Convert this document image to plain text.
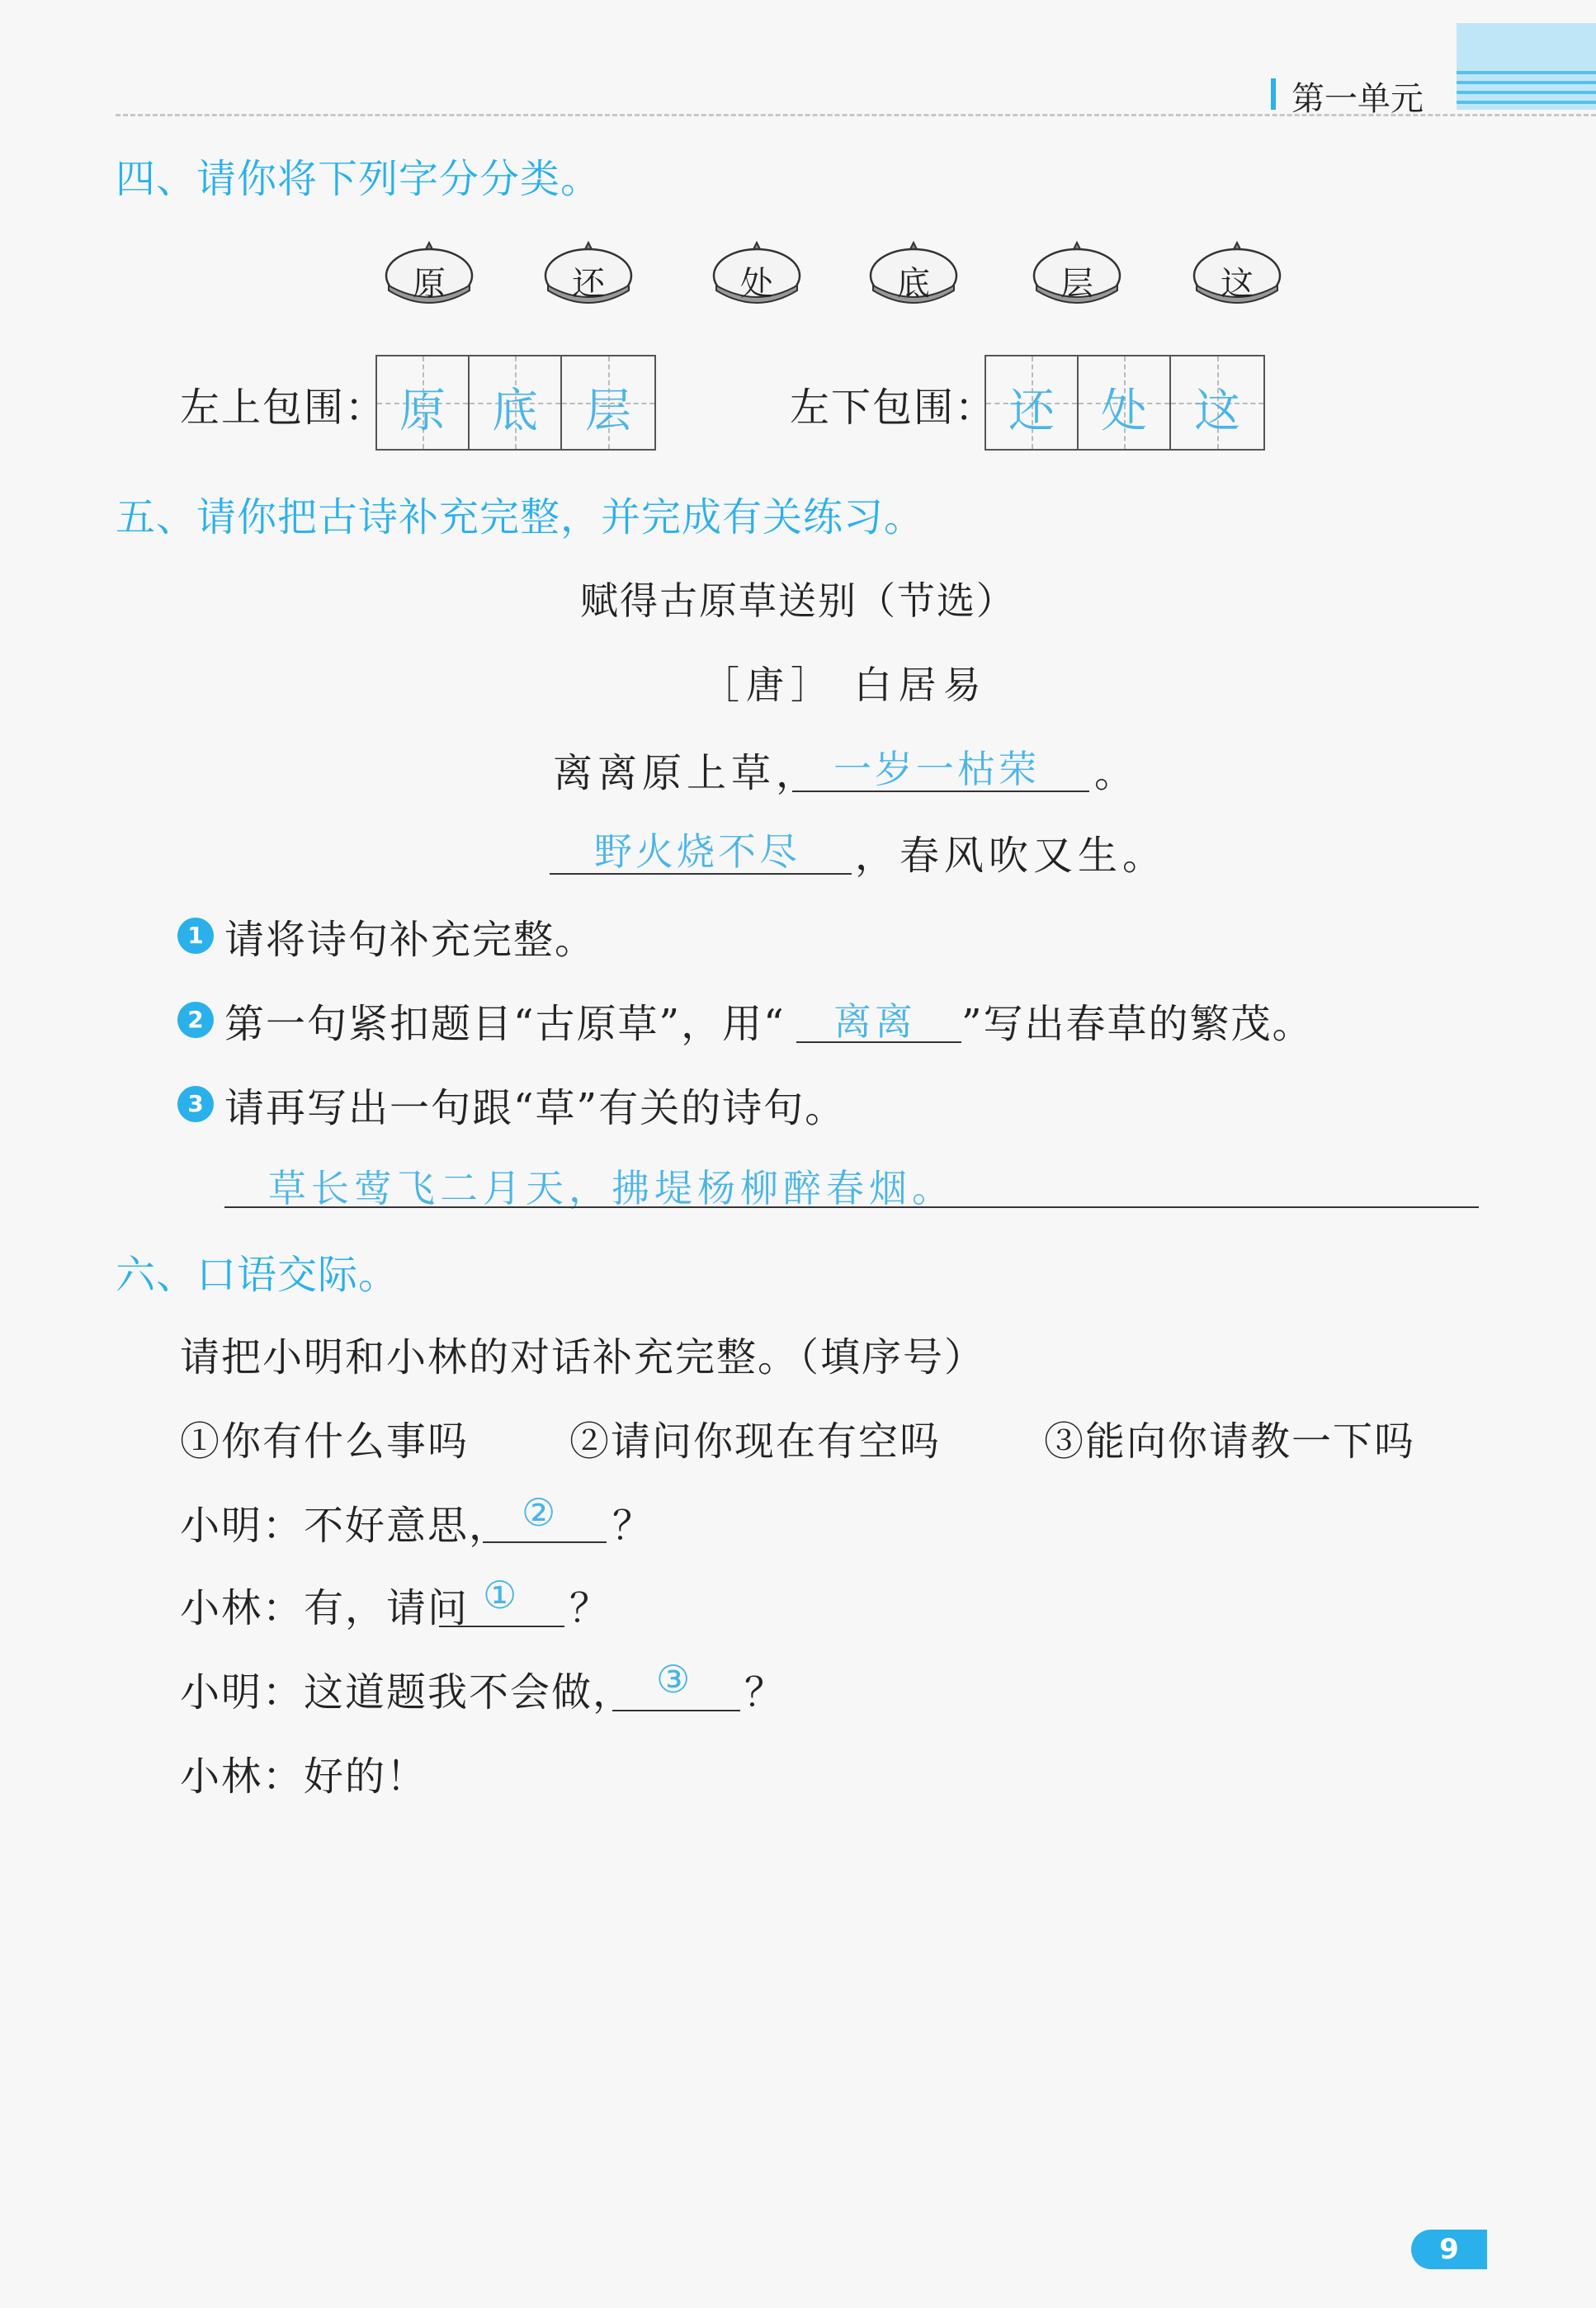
第一单元
四、请你将下列字分分类。
原	还	处	底	层	这
左上包围： 原	底	层	左下包围： 还	处	这
五、请你把古诗补充完整，并完成有关练习。
赋得古原草送别（节选）
［唐］ 白居易
离离原上草， 一岁一枯荣 。
野火烧不尽 ，春风吹又生。
1 请将诗句补充完整。
2 第一句紧扣题目“古原草”，用“ 离离 ”写出春草的繁茂。
3 请再写出一句跟“草”有关的诗句。
草长莺飞二月天，拂堤杨柳醉春烟。
六、口语交际。
请把小明和小林的对话补充完整。（填序号）
①你有什么事吗	②请问你现在有空吗	③能向你请教一下吗
小明：不好意思， ② ？
小林：有，请问 ① ？
小明：这道题我不会做， ③ ？
小林：好的！
9
